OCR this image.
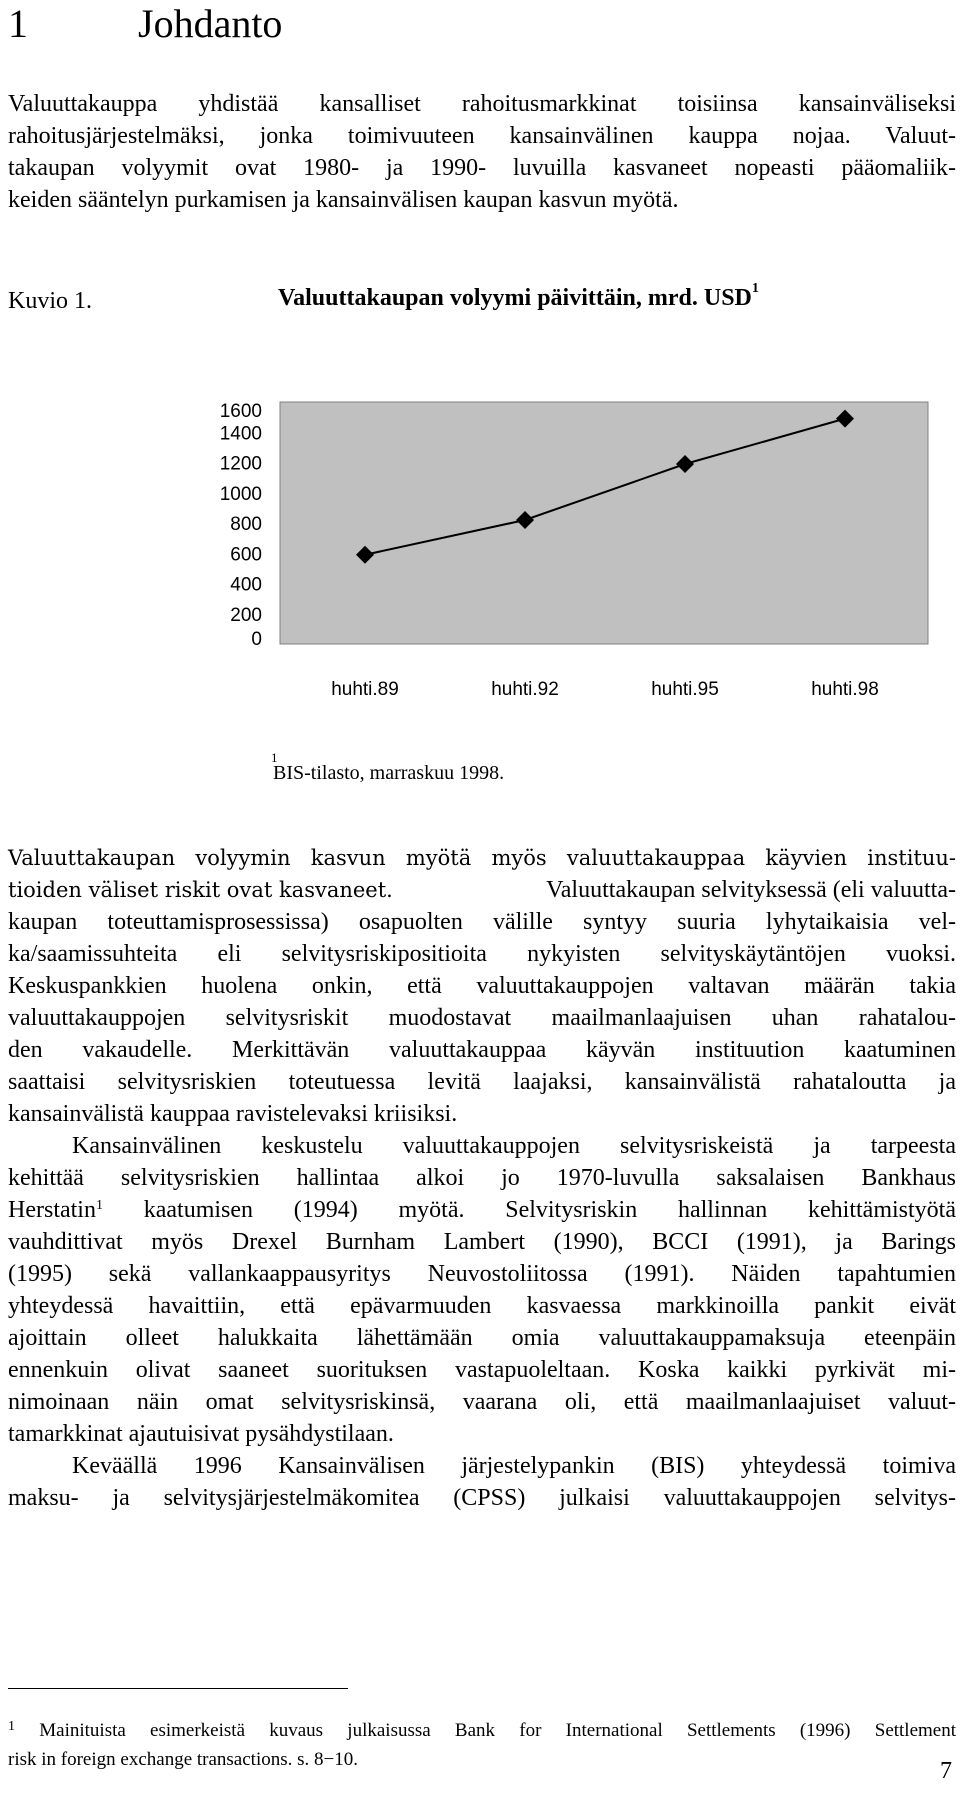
1	Johdanto
Valuuttakauppa yhdistää kansalliset rahoitusmarkkinat toisiinsa kansainväliseksi
rahoitusjärjestelmäksi, jonka toimivuuteen kansainvälinen kauppa nojaa. Valuut-
takaupan volyymit ovat 1980- ja 1990- luvuilla kasvaneet nopeasti pääomaliik-
keiden sääntelyn purkamisen ja kansainvälisen kaupan kasvun myötä.
Kuvio 1.	Valuuttakaupan volyymi päivittäin, mrd. USD$^1$
1600
1400
1200
1000
800
600
400
200
0
huhti.89	huhti.92	huhti.95	huhti.98
1
BIS-tilasto, marraskuu 1998.
Valuuttakaupan volyymin kasvun myötä myös valuuttakauppaa käyvien instituu-
tioiden väliset riskit ovat kasvaneet.	Valuuttakaupan selvityksessä (eli valuutta-
kaupan toteuttamisprosessissa) osapuolten välille syntyy suuria lyhytaikaisia vel-
ka/saamissuhteita eli selvitysriskipositioita nykyisten selvityskäytäntöjen vuoksi.
Keskuspankkien huolena onkin, että valuuttakauppojen valtavan määrän takia
valuuttakauppojen selvitysriskit muodostavat maailmanlaajuisen uhan rahatalou-
den vakaudelle. Merkittävän valuuttakauppaa käyvän instituution kaatuminen
saattaisi selvitysriskien toteutuessa levitä laajaksi, kansainvälistä rahataloutta ja
kansainvälistä kauppaa ravistelevaksi kriisiksi.
Kansainvälinen keskustelu valuuttakauppojen selvitysriskeistä ja tarpeesta
kehittää selvitysriskien hallintaa alkoi jo 1970-luvulla saksalaisen Bankhaus
Herstatin$^1$ kaatumisen (1994) myötä. Selvitysriskin hallinnan kehittämistyötä
vauhdittivat myös Drexel Burnham Lambert (1990), BCCI (1991), ja Barings
(1995) sekä vallankaappausyritys Neuvostoliitossa (1991). Näiden tapahtumien
yhteydessä havaittiin, että epävarmuuden kasvaessa markkinoilla pankit eivät
ajoittain olleet halukkaita lähettämään omia valuuttakauppamaksuja eteenpäin
ennenkuin olivat saaneet suorituksen vastapuoleltaan. Koska kaikki pyrkivät mi-
nimoinaan näin omat selvitysriskinsä, vaarana oli, että maailmanlaajuiset valuut-
tamarkkinat ajautuisivat pysähdystilaan.
Keväällä 1996 Kansainvälisen järjestelypankin (BIS) yhteydessä toimiva
maksu- ja selvitysjärjestelmäkomitea (CPSS) julkaisi valuuttakauppojen selvitys-
$^1$ Mainituista esimerkeistä kuvaus julkaisussa Bank for International Settlements (1996) Settlement
risk in foreign exchange transactions. s. 8−10.	7
